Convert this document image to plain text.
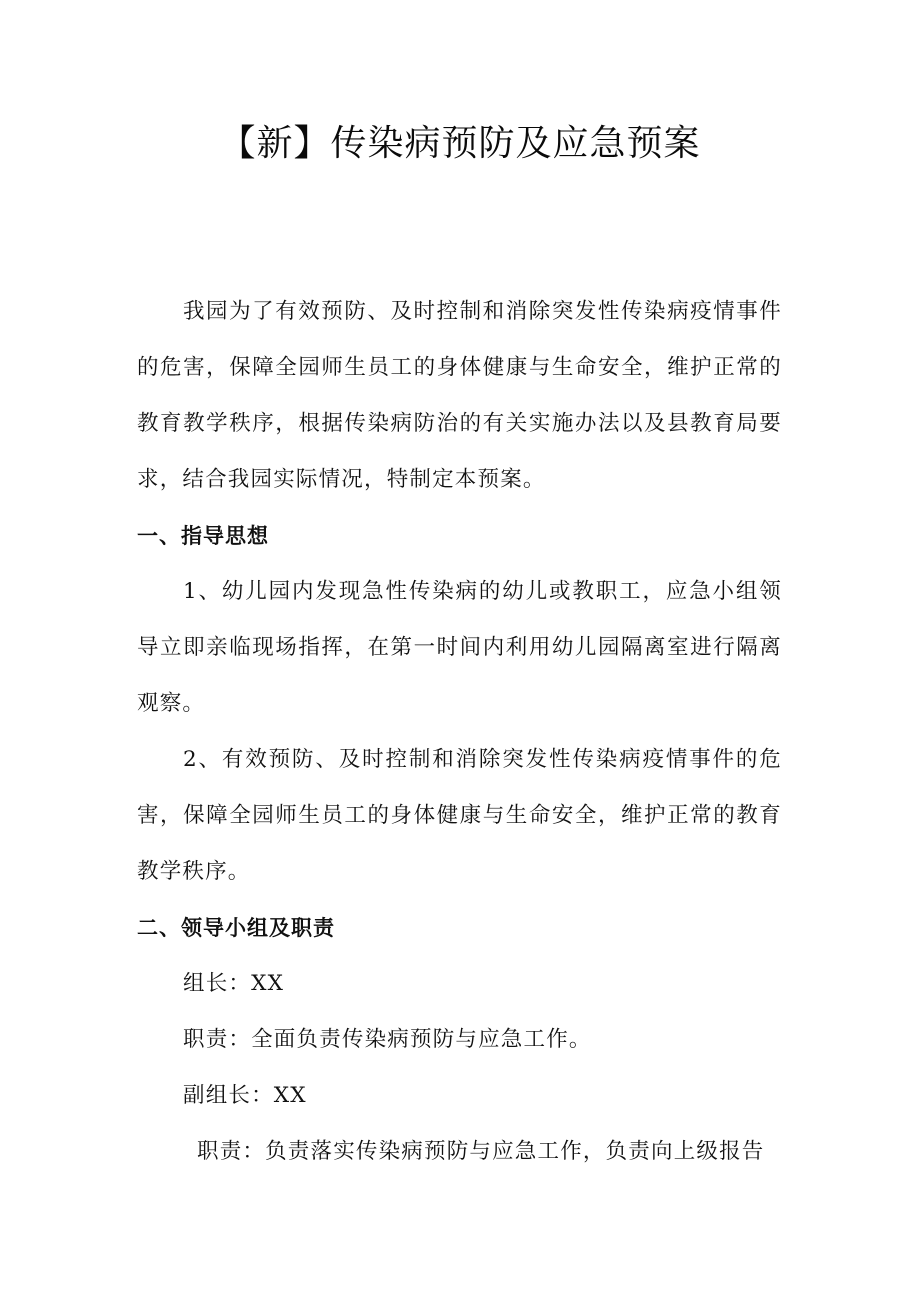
【新】传染病预防及应急预案

我园为了有效预防、及时控制和消除突发性传染病疫情事件的危害，保障全园师生员工的身体健康与生命安全，维护正常的教育教学秩序，根据传染病防治的有关实施办法以及县教育局要求，结合我园实际情况，特制定本预案。

一、指导思想

1、幼儿园内发现急性传染病的幼儿或教职工，应急小组领导立即亲临现场指挥，在第一时间内利用幼儿园隔离室进行隔离观察。

2、有效预防、及时控制和消除突发性传染病疫情事件的危害，保障全园师生员工的身体健康与生命安全，维护正常的教育教学秩序。

二、领导小组及职责

组长：XX

职责：全面负责传染病预防与应急工作。

副组长：XX

职责：负责落实传染病预防与应急工作，负责向上级报告
